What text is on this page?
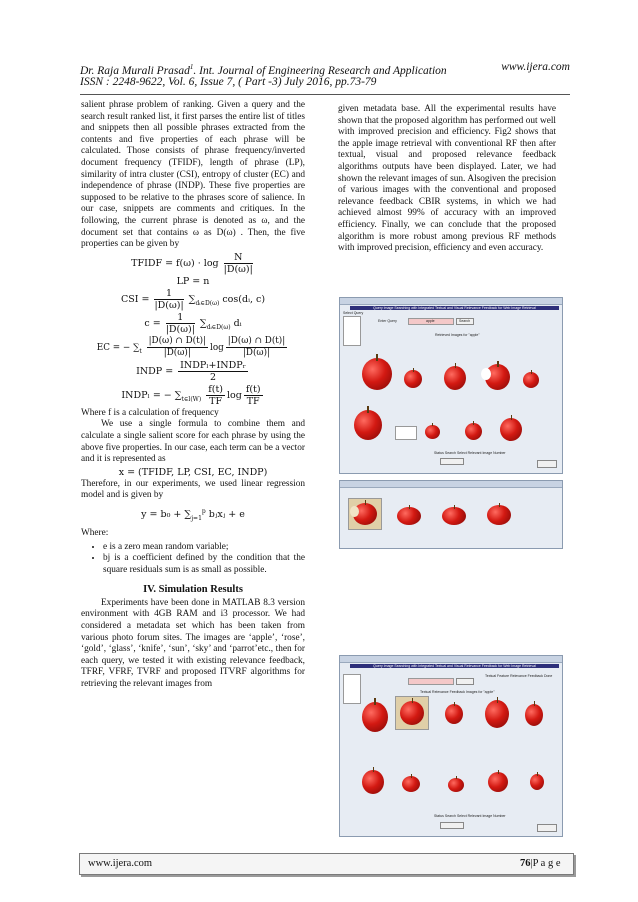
Dr. Raja Murali Prasad$^1$. Int. Journal of Engineering Research and Application	www.ijera.com
ISSN : 2248-9622, Vol. 6, Issue 7, ( Part -3) July 2016, pp.73-79

salient phrase problem of ranking. Given a query and the search result ranked list, it first parses the entire list of titles and snippets then all possible phrases extracted from the contents and five properties of each phrase will be calculated. Those consists of phrase frequency/inverted document frequency (TFIDF), length of phrase (LP), similarity of intra cluster (CSI), entropy of cluster (EC) and independence of phrase (INDP). These five properties are supposed to be relative to the phrases score of salience. In our case, snippets are comments and critiques. In the following, the current phrase is denoted as ω, and the document set that contains ω as D(ω) . Then, the five properties can be given by

TFIDF = $f(\omega) \cdot \log \frac{N}{|D(\omega)|}$
LP = n
CSI = $\frac{1}{|D(\omega)|} \sum_{dᵢ\in D(\omega)}$ cos(dᵢ, c)
$c = \frac{1}{|D(\omega)|} \sum_{dᵢ\in D(\omega)}$ dᵢ
EC = − $\sum_t \frac{|D(\omega) \cap D(t)|}{|D(\omega)|}$ $\log \frac{|D(\omega) \cap D(t)|}{|D(\omega)|}$
INDP = $\frac{\text{INDPₗ+INDPᵣ}}{2}$
INDPₗ = − $\sum_{t\in l(W)} \frac{f(t)}{TF}$ $\log \frac{f(t)}{TF}$

Where f is a calculation of frequency

We use a single formula to combine them and calculate a single salient score for each phrase by using the above five properties. In our case, each term can be a vector and it is represented as

x = (TFIDF, LP, CSI, EC, INDP)

Therefore, in our experiments, we used linear regression model and is given by

$y = b_0 + \sum_{j=1}^p$ bⱼxⱼ + e

Where:

• e is a zero mean random variable;
• bj is a coefficient defined by the condition that the square residuals sum is as small as possible.
IV. Simulation Results

Experiments have been done in MATLAB 8.3 version environment with 4GB RAM and i3 processor. We had considered a metadata set which has been taken from various photo forum sites. The images are ‘apple’, ‘rose’, ‘gold’, ‘glass’, ‘knife’, ‘sun’, ‘sky’ and ‘parrot’etc., then for each query, we tested it with existing relevance feedback, TFRF, VFRF, TVRF and proposed ITVRF algorithms for retrieving the relevant images from

given metadata base. All the experimental results have shown that the proposed algorithm has performed out well with improved precision and efficiency. Fig2 shows that the apple image retrieval with conventional RF then after textual, visual and proposed relevance feedback algorithms outputs have been displayed. Later, we had shown the relevant images of sun. Alsogiven the precision of various images with the conventional and proposed relevance feedback CBIR systems, in which we had achieved almost 99% of accuracy with an improved efficiency. Finally, we can conclude that the proposed algorithm is more robust among previous RF methods with improved precision, efficiency and even accuracy.

Query Image Searching with Integrated Textual and Visual Relevance Feedback for Web Image Retrieval
Select Query
Enter Query	apple	Search
Retrieved Images for "apple"
Status Search Select Relevant Image Number
Query Image Searching with Integrated Textual and Visual Relevance Feedback for Web Image Retrieval
Textual Feature Relevance Feedback Done
Textual Relevance Feedback Images for "apple"
Status Search Select Relevant Image Number
www.ijera.com	76|P a g e
